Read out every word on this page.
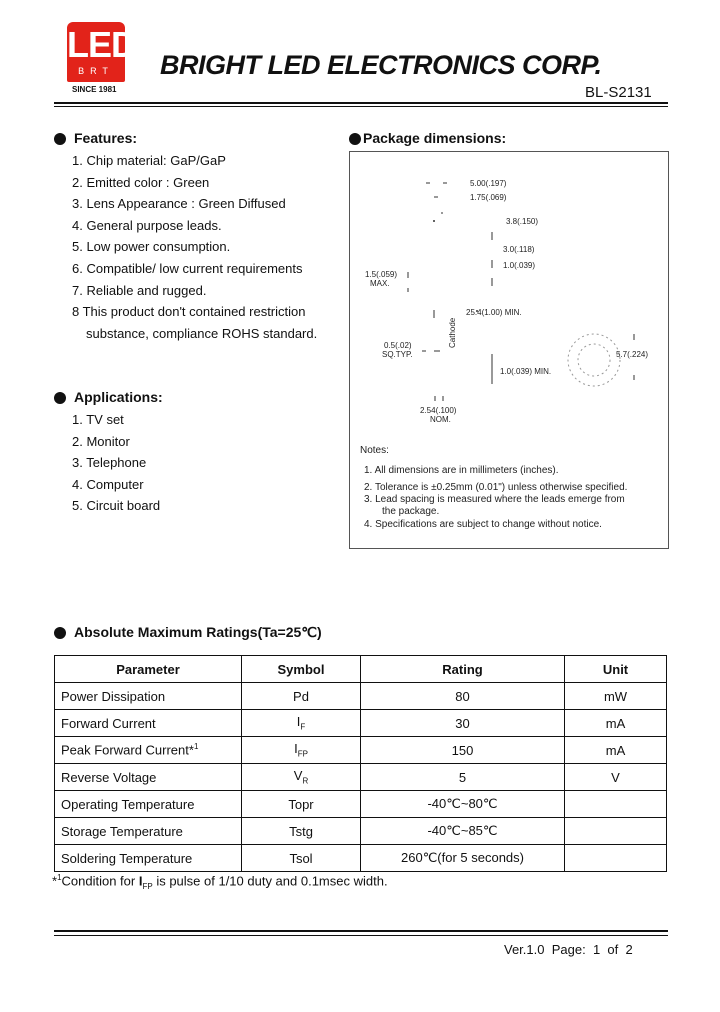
LED
BRT
SINCE 1981
BRIGHT LED ELECTRONICS CORP.
BL-S2131
Features:
1. Chip material: GaP/GaP
2. Emitted color : Green
3. Lens Appearance : Green Diffused
4. General purpose leads.
5. Low power consumption.
6. Compatible/ low current requirements
7. Reliable and rugged.
8 This product don't contained restriction
substance, compliance ROHS standard.
Applications:
1. TV set
2. Monitor
3. Telephone
4. Computer
5. Circuit board
Package dimensions:
5.00(.197)
1.75(.069)
3.8(.150)
3.0(.118)
1.0(.039)
1.5(.059)
MAX.
25.4(1.00) MIN.
0.5(.02)
SQ.TYP.
Cathode
5.7(.224)
1.0(.039) MIN.
2.54(.100)
NOM.
Notes:
1. All dimensions are in millimeters (inches).
2. Tolerance is ±0.25mm (0.01") unless otherwise specified.
3. Lead spacing is measured where the leads emerge from
the package.
4. Specifications are subject to change without notice.
Absolute Maximum Ratings(Ta=25℃)
Parameter	Symbol	Rating	Unit
Power Dissipation	Pd	80	mW
Forward Current	$I_F$	30	mA
Peak Forward Current*$^1$	$I_{FP}$	150	mA
Reverse Voltage	$V_R$	5	V
Operating Temperature	Topr	-40℃~80℃	
Storage Temperature	Tstg	-40℃~85℃	
Soldering Temperature	Tsol	260℃(for 5 seconds)	
*$^1$Condition for $I_{FP}$ is pulse of 1/10 duty and 0.1msec width.
Ver.1.0 Page: 1 of 2
